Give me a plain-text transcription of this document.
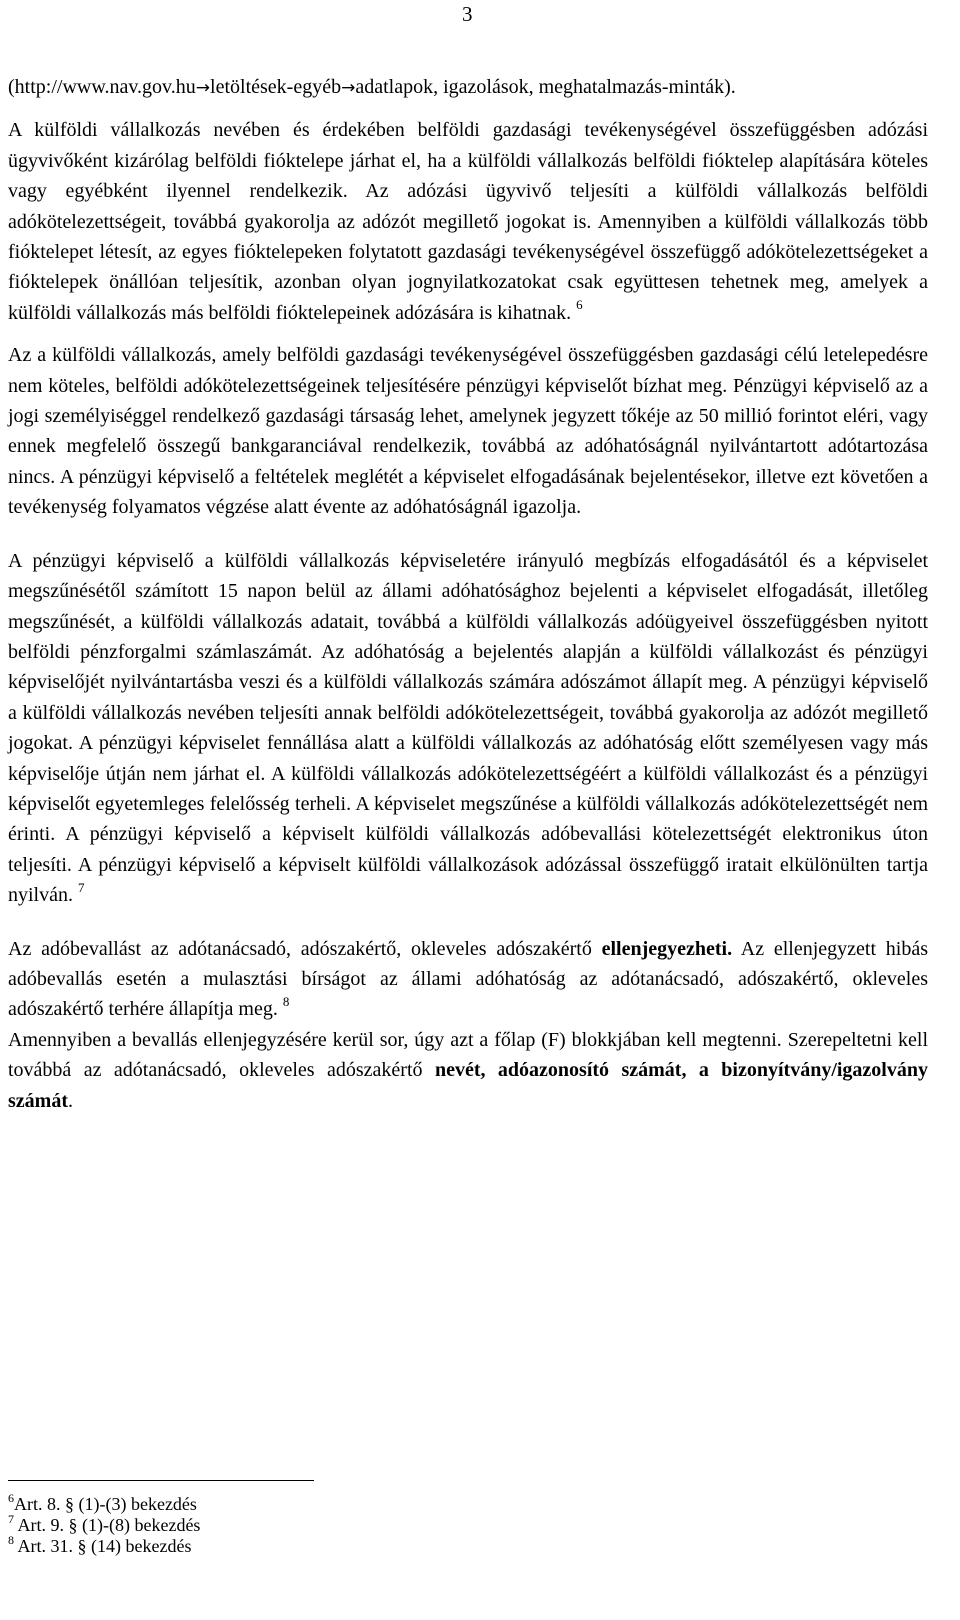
3

(http://www.nav.gov.hu→letöltések-egyéb→adatlapok, igazolások, meghatalmazás-minták).

A külföldi vállalkozás nevében és érdekében belföldi gazdasági tevékenységével összefüggésben adózási ügyvivőként kizárólag belföldi fióktelepe járhat el, ha a külföldi vállalkozás belföldi fióktelep alapítására köteles vagy egyébként ilyennel rendelkezik. Az adózási ügyvivő teljesíti a külföldi vállalkozás belföldi adókötelezettségeit, továbbá gyakorolja az adózót megillető jogokat is. Amennyiben a külföldi vállalkozás több fióktelepet létesít, az egyes fióktelepeken folytatott gazdasági tevékenységével összefüggő adókötelezettségeket a fióktelepek önállóan teljesítik, azonban olyan jognyilatkozatokat csak együttesen tehetnek meg, amelyek a külföldi vállalkozás más belföldi fióktelepeinek adózására is kihatnak. $^6$

Az a külföldi vállalkozás, amely belföldi gazdasági tevékenységével összefüggésben gazdasági célú letelepedésre nem köteles, belföldi adókötelezettségeinek teljesítésére pénzügyi képviselőt bízhat meg. Pénzügyi képviselő az a jogi személyiséggel rendelkező gazdasági társaság lehet, amelynek jegyzett tőkéje az 50 millió forintot eléri, vagy ennek megfelelő összegű bankgaranciával rendelkezik, továbbá az adóhatóságnál nyilvántartott adótartozása nincs. A pénzügyi képviselő a feltételek meglétét a képviselet elfogadásának bejelentésekor, illetve ezt követően a tevékenység folyamatos végzése alatt évente az adóhatóságnál igazolja.

A pénzügyi képviselő a külföldi vállalkozás képviseletére irányuló megbízás elfogadásától és a képviselet megszűnésétől számított 15 napon belül az állami adóhatósághoz bejelenti a képviselet elfogadását, illetőleg megszűnését, a külföldi vállalkozás adatait, továbbá a külföldi vállalkozás adóügyeivel összefüggésben nyitott belföldi pénzforgalmi számlaszámát. Az adóhatóság a bejelentés alapján a külföldi vállalkozást és pénzügyi képviselőjét nyilvántartásba veszi és a külföldi vállalkozás számára adószámot állapít meg. A pénzügyi képviselő a külföldi vállalkozás nevében teljesíti annak belföldi adókötelezettségeit, továbbá gyakorolja az adózót megillető jogokat. A pénzügyi képviselet fennállása alatt a külföldi vállalkozás az adóhatóság előtt személyesen vagy más képviselője útján nem járhat el. A külföldi vállalkozás adókötelezettségéért a külföldi vállalkozást és a pénzügyi képviselőt egyetemleges felelősség terheli. A képviselet megszűnése a külföldi vállalkozás adókötelezettségét nem érinti. A pénzügyi képviselő a képviselt külföldi vállalkozás adóbevallási kötelezettségét elektronikus úton teljesíti. A pénzügyi képviselő a képviselt külföldi vállalkozások adózással összefüggő iratait elkülönülten tartja nyilván. $^7$

Az adóbevallást az adótanácsadó, adószakértő, okleveles adószakértő ellenjegyezheti. Az ellenjegyzett hibás adóbevallás esetén a mulasztási bírságot az állami adóhatóság az adótanácsadó, adószakértő, okleveles adószakértő terhére állapítja meg. $^8$

Amennyiben a bevallás ellenjegyzésére kerül sor, úgy azt a főlap (F) blokkjában kell megtenni. Szerepeltetni kell továbbá az adótanácsadó, okleveles adószakértő nevét, adóazonosító számát, a bizonyítvány/igazolvány számát.

$^6$Art. 8. § (1)-(3) bekezdés
$^7$ Art. 9. § (1)-(8) bekezdés
$^8$ Art. 31. § (14) bekezdés
